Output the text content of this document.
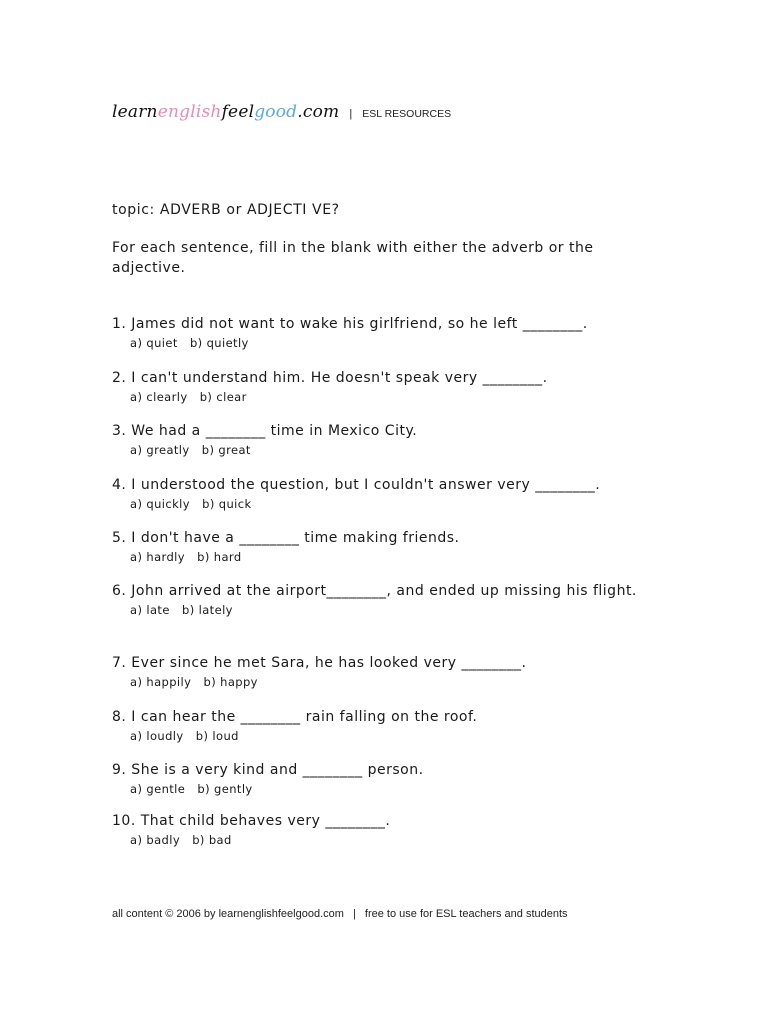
learnenglishfeelgood.com | ESL RESOURCES
topic: ADVERB or ADJECTI VE?
For each sentence, fill in the blank with either the adverb or the adjective.
1. James did not want to wake his girlfriend, so he left ________.
a) quiet b) quietly
2. I can't understand him. He doesn't speak very ________.
a) clearly b) clear
3. We had a ________ time in Mexico City.
a) greatly b) great
4. I understood the question, but I couldn't answer very ________.
a) quickly b) quick
5. I don't have a ________ time making friends.
a) hardly b) hard
6. John arrived at the airport________, and ended up missing his flight.
a) late b) lately
7. Ever since he met Sara, he has looked very ________.
a) happily b) happy
8. I can hear the ________ rain falling on the roof.
a) loudly b) loud
9. She is a very kind and ________ person.
a) gentle b) gently
10. That child behaves very ________.
a) badly b) bad
all content © 2006 by learnenglishfeelgood.com | free to use for ESL teachers and students
